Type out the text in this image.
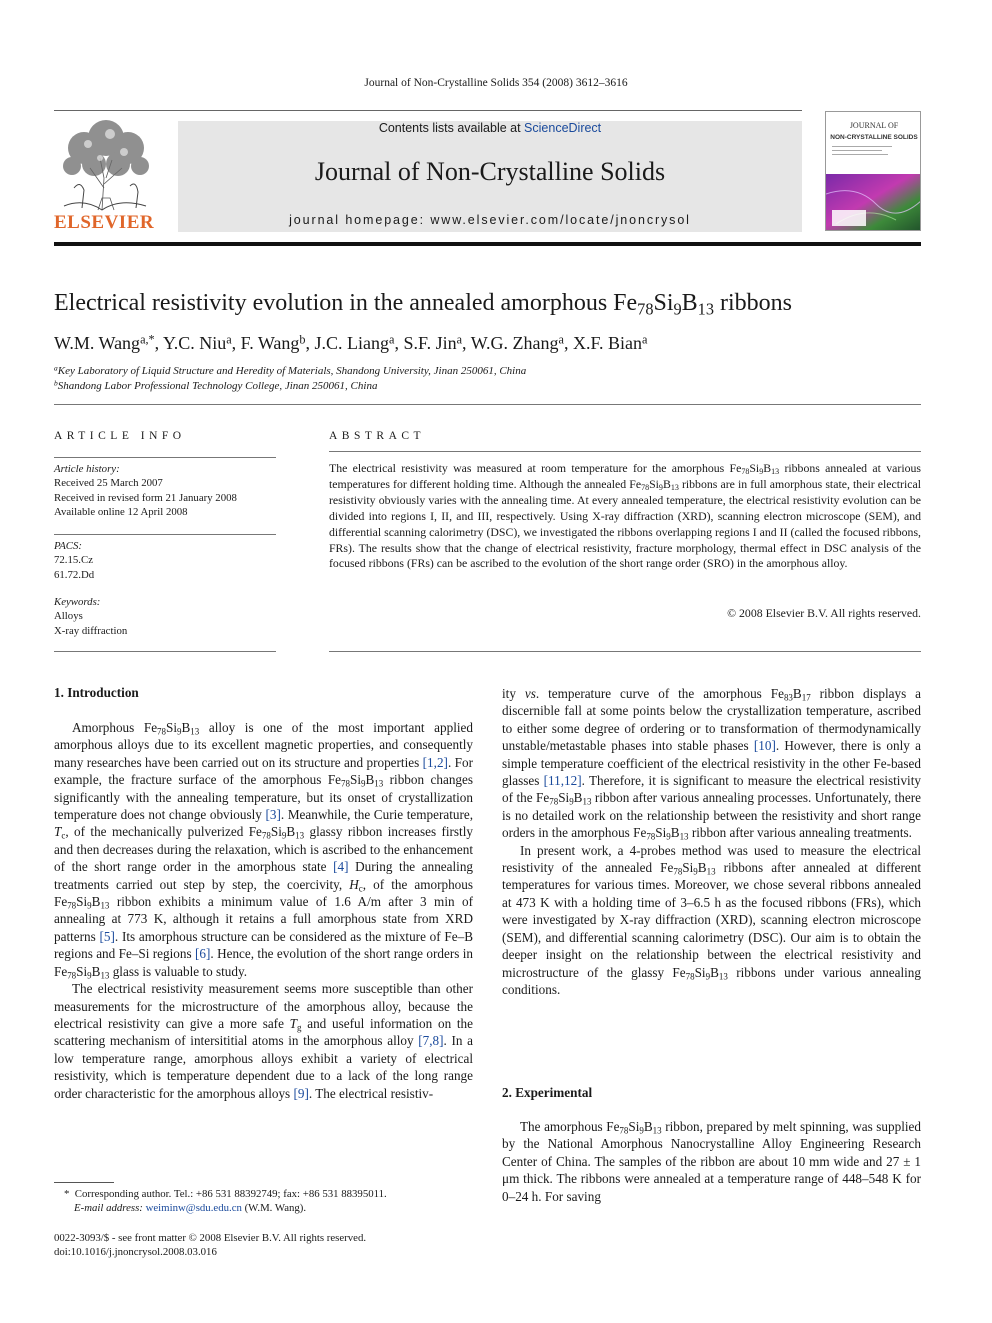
Journal of Non-Crystalline Solids 354 (2008) 3612–3616
ELSEVIER
Contents lists available at ScienceDirect
Journal of Non-Crystalline Solids
journal homepage: www.elsevier.com/locate/jnoncrysol
JOURNAL OF
NON-CRYSTALLINE SOLIDS
Electrical resistivity evolution in the annealed amorphous $Fe_{78}Si_9B_{13}$ ribbons
W.M. Wang$^{a,*}$, Y.C. Niu$^a$, F. Wang$^b$, J.C. Liang$^a$, S.F. Jin$^a$, W.G. Zhang$^a$, X.F. Bian$^a$
$^a$Key Laboratory of Liquid Structure and Heredity of Materials, Shandong University, Jinan 250061, China
$^b$Shandong Labor Professional Technology College, Jinan 250061, China
ARTICLE INFO
Article history:
Received 25 March 2007
Received in revised form 21 January 2008
Available online 12 April 2008
PACS:
72.15.Cz
61.72.Dd
Keywords:
Alloys
X-ray diffraction
ABSTRACT
The electrical resistivity was measured at room temperature for the amorphous $Fe_{78}Si_9B_{13}$ ribbons annealed at various temperatures for different holding time. Although the annealed $Fe_{78}Si_9B_{13}$ ribbons are in full amorphous state, their electrical resistivity obviously varies with the annealing time. At every annealed temperature, the electrical resistivity evolution can be divided into regions I, II, and III, respectively. Using X-ray diffraction (XRD), scanning electron microscope (SEM), and differential scanning calorimetry (DSC), we investigated the ribbons overlapping regions I and II (called the focused ribbons, FRs). The results show that the change of electrical resistivity, fracture morphology, thermal effect in DSC analysis of the focused ribbons (FRs) can be ascribed to the evolution of the short range order (SRO) in the amorphous alloy.
© 2008 Elsevier B.V. All rights reserved.
1. Introduction
Amorphous $Fe_{78}Si_9B_{13}$ alloy is one of the most important applied amorphous alloys due to its excellent magnetic properties, and consequently many researches have been carried out on its structure and properties [1,2]. For example, the fracture surface of the amorphous $Fe_{78}Si_9B_{13}$ ribbon changes significantly with the annealing temperature, but its onset of crystallization temperature does not change obviously [3]. Meanwhile, the Curie temperature, $T_c$, of the mechanically pulverized $Fe_{78}Si_9B_{13}$ glassy ribbon increases firstly and then decreases during the relaxation, which is ascribed to the enhancement of the short range order in the amorphous state [4] During the annealing treatments carried out step by step, the coercivity, $H_c$, of the amorphous $Fe_{78}Si_9B_{13}$ ribbon exhibits a minimum value of 1.6 A/m after 3 min of annealing at 773 K, although it retains a full amorphous state from XRD patterns [5]. Its amorphous structure can be considered as the mixture of Fe–B regions and Fe–Si regions [6]. Hence, the evolution of the short range orders in $Fe_{78}Si_9B_{13}$ glass is valuable to study.
The electrical resistivity measurement seems more susceptible than other measurements for the microstructure of the amorphous alloy, because the electrical resistivity can give a more safe $T_g$ and useful information on the scattering mechanism of intersititial atoms in the amorphous alloy [7,8]. In a low temperature range, amorphous alloys exhibit a variety of electrical resistivity, which is temperature dependent due to a lack of the long range order characteristic for the amorphous alloys [9]. The electrical resistiv-
*  Corresponding author. Tel.: +86 531 88392749; fax: +86 531 88395011.
E-mail address: weiminw@sdu.edu.cn (W.M. Wang).
0022-3093/$ - see front matter © 2008 Elsevier B.V. All rights reserved.
doi:10.1016/j.jnoncrysol.2008.03.016
ity vs. temperature curve of the amorphous $Fe_{83}B_{17}$ ribbon displays a discernible fall at some points below the crystallization temperature, ascribed to either some degree of ordering or to transformation of thermodynamically unstable/metastable phases into stable phases [10]. However, there is only a simple temperature coefficient of the electrical resistivity in the other Fe-based glasses [11,12]. Therefore, it is significant to measure the electrical resistivity of the $Fe_{78}Si_9B_{13}$ ribbon after various annealing processes. Unfortunately, there is no detailed work on the relationship between the resistivity and short range orders in the amorphous $Fe_{78}Si_9B_{13}$ ribbon after various annealing treatments.
In present work, a 4-probes method was used to measure the electrical resistivity of the annealed $Fe_{78}Si_9B_{13}$ ribbons after annealed at different temperatures for various times. Moreover, we chose several ribbons annealed at 473 K with a holding time of 3–6.5 h as the focused ribbons (FRs), which were investigated by X-ray diffraction (XRD), scanning electron microscope (SEM), and differential scanning calorimetry (DSC). Our aim is to obtain the deeper insight on the relationship between the electrical resistivity and microstructure of the glassy $Fe_{78}Si_9B_{13}$ ribbons under various annealing conditions.
2. Experimental
The amorphous $Fe_{78}Si_9B_{13}$ ribbon, prepared by melt spinning, was supplied by the National Amorphous Nanocrystalline Alloy Engineering Research Center of China. The samples of the ribbon are about 10 mm wide and 27 ± 1 μm thick. The ribbons were annealed at a temperature range of 448–548 K for 0–24 h. For saving
